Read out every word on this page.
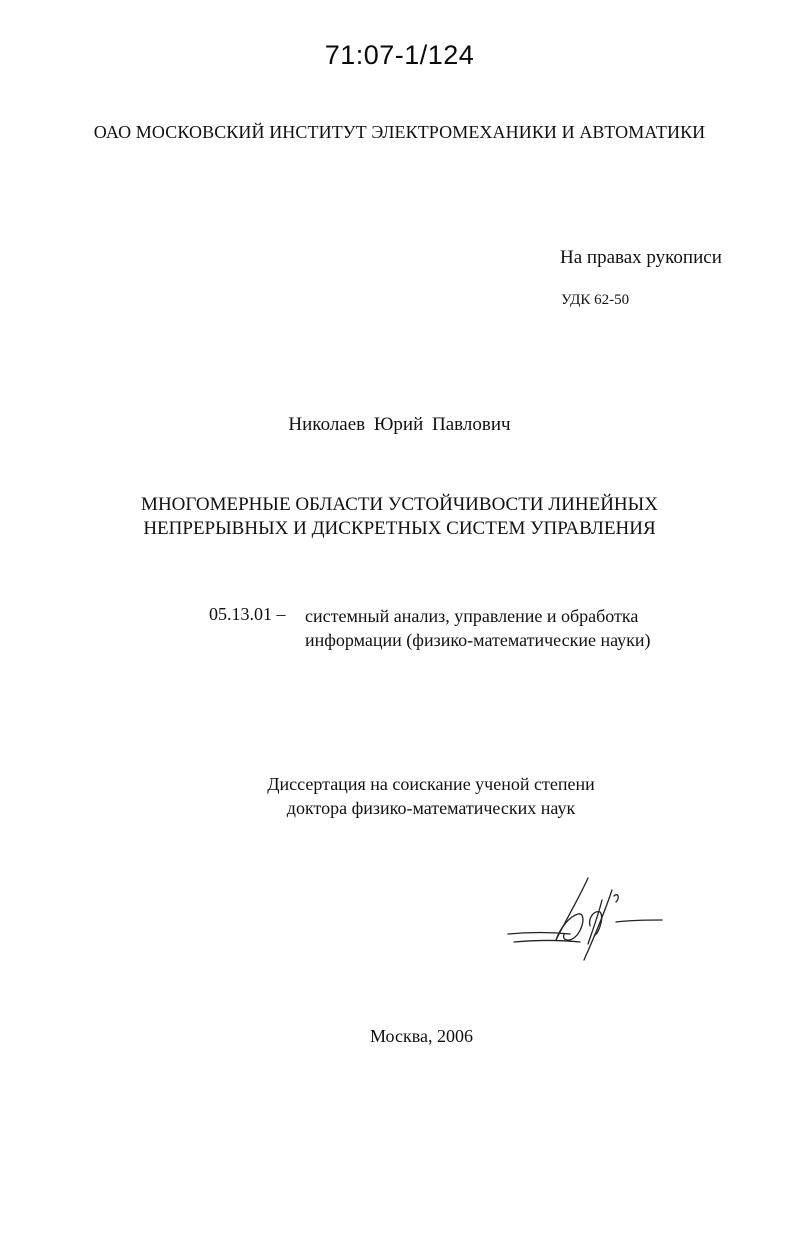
71:07-1/124
ОАО МОСКОВСКИЙ ИНСТИТУТ ЭЛЕКТРОМЕХАНИКИ И АВТОМАТИКИ
На правах рукописи
УДК 62-50
Николаев Юрий Павлович
МНОГОМЕРНЫЕ ОБЛАСТИ УСТОЙЧИВОСТИ ЛИНЕЙНЫХ
НЕПРЕРЫВНЫХ И ДИСКРЕТНЫХ СИСТЕМ УПРАВЛЕНИЯ
05.13.01 – системный анализ, управление и обработка
информации (физико-математические науки)
Диссертация на соискание ученой степени
доктора физико-математических наук
Москва, 2006
